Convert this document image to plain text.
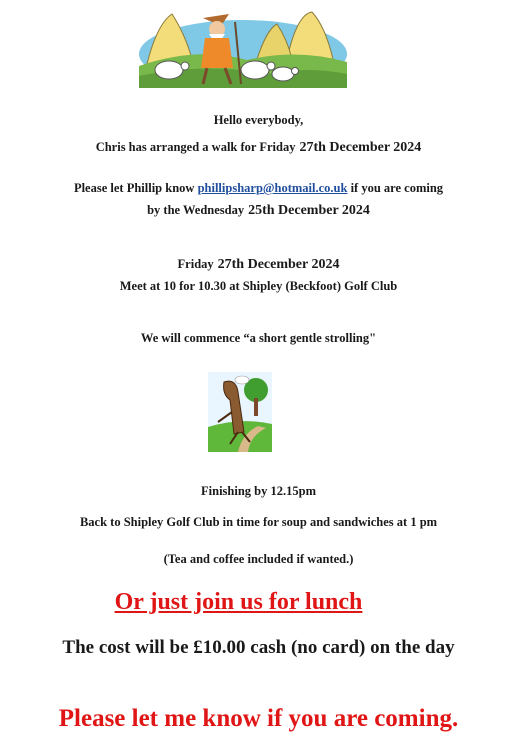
Hello everybody,
Chris has arranged a walk for Friday 27th December 2024
Please let Phillip know phillipsharp@hotmail.co.uk if you are coming
by the Wednesday 25th December 2024
Friday 27th December 2024
Meet at 10 for 10.30 at Shipley (Beckfoot) Golf Club
We will commence “a short gentle strolling"
Finishing by 12.15pm
Back to Shipley Golf Club in time for soup and sandwiches at 1 pm
(Tea and coffee included if wanted.)
Or just join us for lunch
The cost will be £10.00 cash (no card) on the day
Please let me know if you are coming.
